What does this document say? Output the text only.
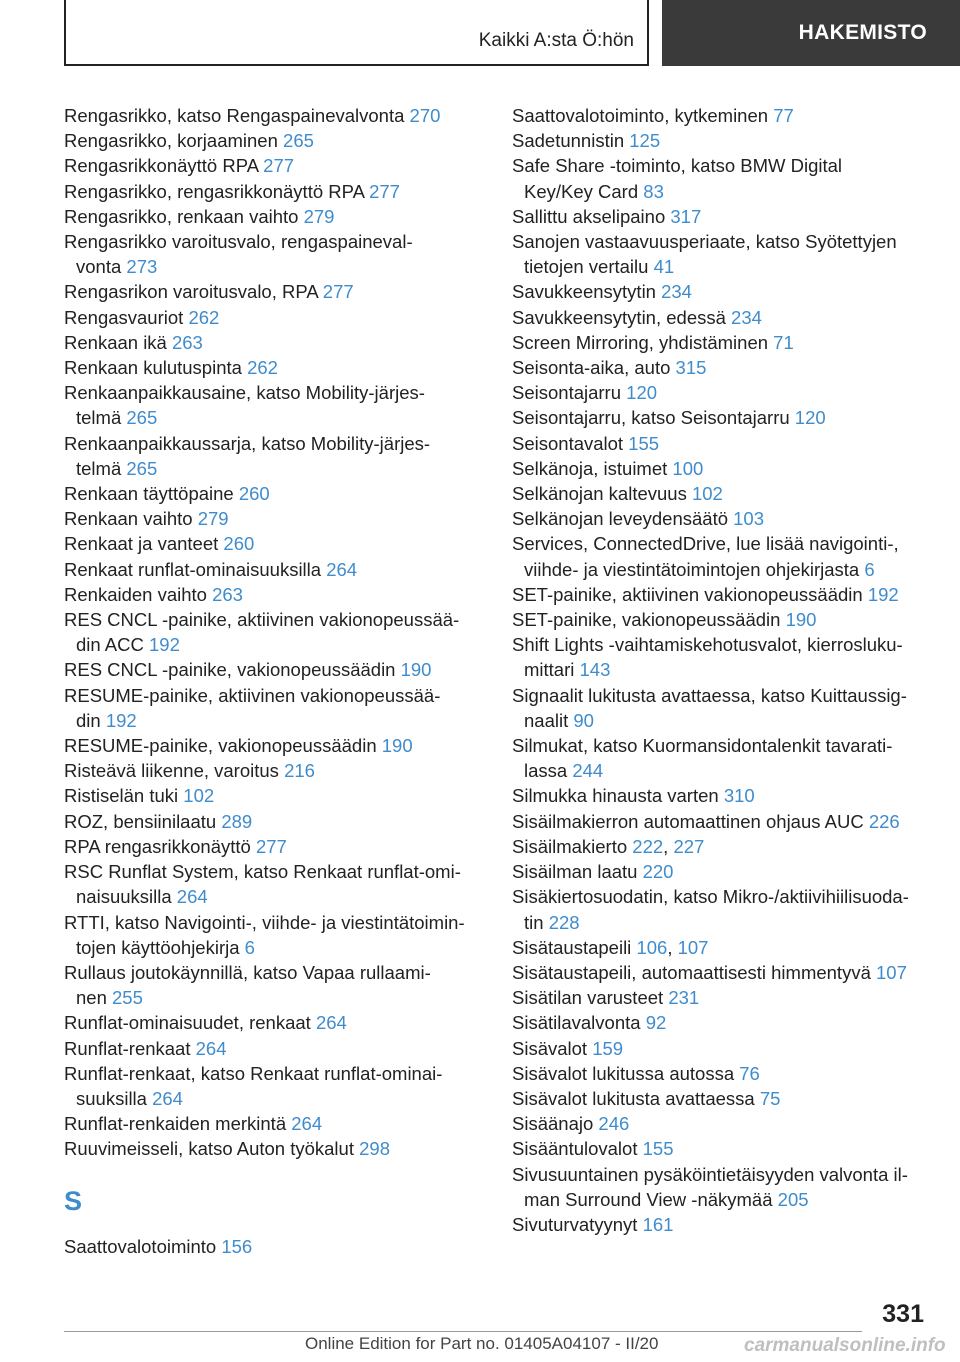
Kaikki A:sta Ö:hön	HAKEMISTO
Rengasrikko, katso Rengaspainevalvonta 270
Rengasrikko, korjaaminen 265
Rengasrikkonäyttö RPA 277
Rengasrikko, rengasrikkonäyttö RPA 277
Rengasrikko, renkaan vaihto 279
Rengasrikko varoitusvalo, rengaspaineval-
vonta 273
Rengasrikon varoitusvalo, RPA 277
Rengasvauriot 262
Renkaan ikä 263
Renkaan kulutuspinta 262
Renkaanpaikkausaine, katso Mobility-järjes-
telmä 265
Renkaanpaikkaussarja, katso Mobility-järjes-
telmä 265
Renkaan täyttöpaine 260
Renkaan vaihto 279
Renkaat ja vanteet 260
Renkaat runflat-ominaisuuksilla 264
Renkaiden vaihto 263
RES CNCL -painike, aktiivinen vakionopeussää-
din ACC 192
RES CNCL -painike, vakionopeussäädin 190
RESUME-painike, aktiivinen vakionopeussää-
din 192
RESUME-painike, vakionopeussäädin 190
Risteävä liikenne, varoitus 216
Ristiselän tuki 102
ROZ, bensiinilaatu 289
RPA rengasrikkonäyttö 277
RSC Runflat System, katso Renkaat runflat-omi-
naisuuksilla 264
RTTI, katso Navigointi-, viihde- ja viestintätoimin-
tojen käyttöohjekirja 6
Rullaus joutokäynnillä, katso Vapaa rullaami-
nen 255
Runflat-ominaisuudet, renkaat 264
Runflat-renkaat 264
Runflat-renkaat, katso Renkaat runflat-ominai-
suuksilla 264
Runflat-renkaiden merkintä 264
Ruuvimeisseli, katso Auton työkalut 298
S
Saattovalotoiminto 156
Saattovalotoiminto, kytkeminen 77
Sadetunnistin 125
Safe Share -toiminto, katso BMW Digital
Key/Key Card 83
Sallittu akselipaino 317
Sanojen vastaavuusperiaate, katso Syötettyjen
tietojen vertailu 41
Savukkeensytytin 234
Savukkeensytytin, edessä 234
Screen Mirroring, yhdistäminen 71
Seisonta-aika, auto 315
Seisontajarru 120
Seisontajarru, katso Seisontajarru 120
Seisontavalot 155
Selkänoja, istuimet 100
Selkänojan kaltevuus 102
Selkänojan leveydensäätö 103
Services, ConnectedDrive, lue lisää navigointi-,
viihde- ja viestintätoimintojen ohjekirjasta 6
SET-painike, aktiivinen vakionopeussäädin 192
SET-painike, vakionopeussäädin 190
Shift Lights -vaihtamiskehotusvalot, kierrosluku-
mittari 143
Signaalit lukitusta avattaessa, katso Kuittaussig-
naalit 90
Silmukat, katso Kuormansidontalenkit tavarati-
lassa 244
Silmukka hinausta varten 310
Sisäilmakierron automaattinen ohjaus AUC 226
Sisäilmakierto 222, 227
Sisäilman laatu 220
Sisäkiertosuodatin, katso Mikro-/aktiivihiilisuoda-
tin 228
Sisätaustapeili 106, 107
Sisätaustapeili, automaattisesti himmentyvä 107
Sisätilan varusteet 231
Sisätilavalvonta 92
Sisävalot 159
Sisävalot lukitussa autossa 76
Sisävalot lukitusta avattaessa 75
Sisäänajo 246
Sisääntulovalot 155
Sivusuuntainen pysäköintietäisyyden valvonta il-
man Surround View -näkymää 205
Sivuturvatyynyt 161
331
Online Edition for Part no. 01405A04107 - II/20	carmanualsonline.info
